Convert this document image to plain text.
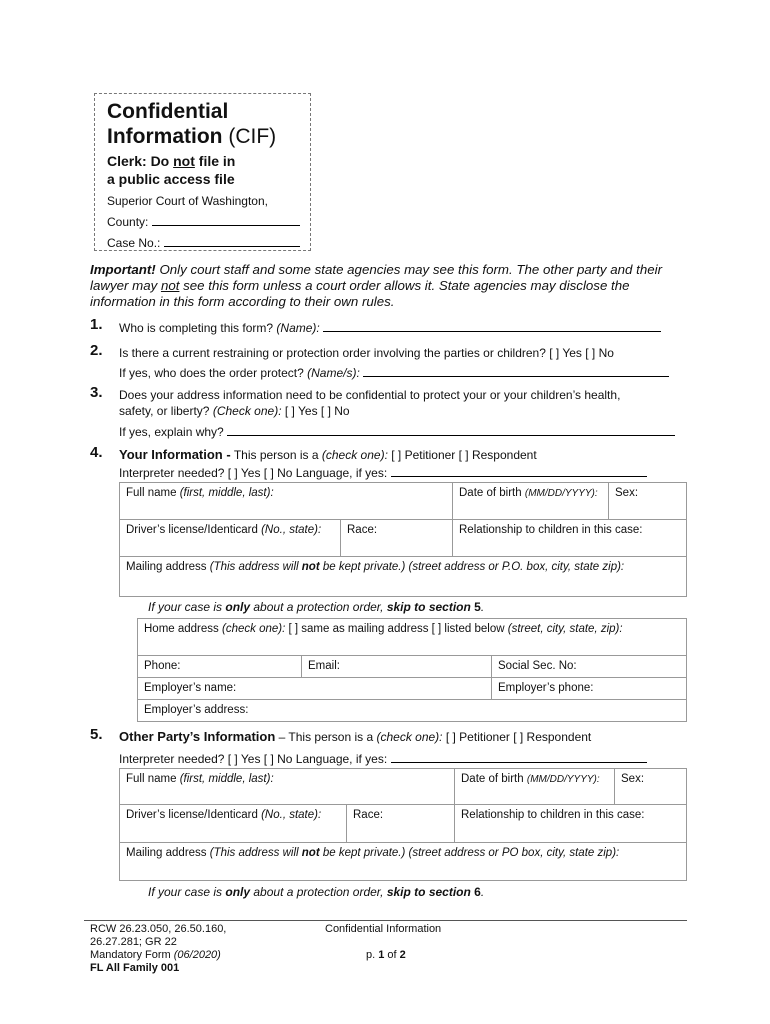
Confidential
Information (CIF)
Clerk: Do not file in
a public access file
Superior Court of Washington,
County:
Case No.:
Important! Only court staff and some state agencies may see this form. The other party and their lawyer may not see this form unless a court order allows it. State agencies may disclose the information in this form according to their own rules.
1. Who is completing this form? (Name):
2. Is there a current restraining or protection order involving the parties or children? [ ] Yes [ ] No
If yes, who does the order protect? (Name/s):
3. Does your address information need to be confidential to protect your or your children’s health,
safety, or liberty? (Check one): [ ] Yes [ ] No
If yes, explain why?
4. Your Information - This person is a (check one): [ ] Petitioner [ ] Respondent
Interpreter needed? [ ] Yes [ ] No Language, if yes:
Full name (first, middle, last):		Date of birth (MM/DD/YYYY):	Sex:
Driver’s license/Identicard (No., state):	Race:	Relationship to children in this case:	
Mailing address (This address will not be kept private.) (street address or P.O. box, city, state zip):			
If your case is only about a protection order, skip to section 5.
Home address (check one): [ ] same as mailing address [ ] listed below (street, city, state, zip):		
Phone:	Email:	Social Sec. No:
Employer’s name:		Employer’s phone:
Employer’s address:		
5. Other Party’s Information – This person is a (check one): [ ] Petitioner [ ] Respondent
Interpreter needed? [ ] Yes [ ] No Language, if yes:
Full name (first, middle, last):		Date of birth (MM/DD/YYYY):	Sex:
Driver’s license/Identicard (No., state):	Race:	Relationship to children in this case:	
Mailing address (This address will not be kept private.) (street address or PO box, city, state zip):			
If your case is only about a protection order, skip to section 6.
RCW 26.23.050, 26.50.160,
26.27.281; GR 22
Mandatory Form (06/2020)
FL All Family 001
Confidential Information
p. 1 of 2
